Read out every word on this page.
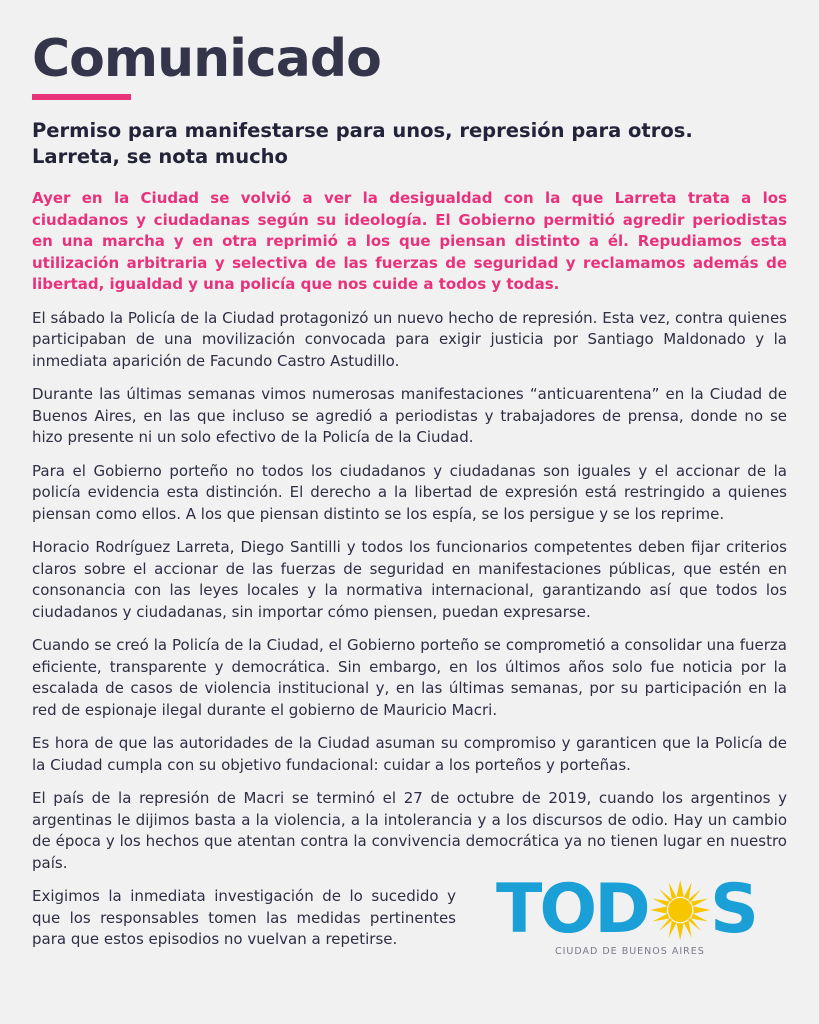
Comunicado
Permiso para manifestarse para unos, represión para otros.
Larreta, se nota mucho

Ayer en la Ciudad se volvió a ver la desigualdad con la que Larreta trata a los ciudadanos y ciudadanas según su ideología. El Gobierno permitió agredir periodistas en una marcha y en otra reprimió a los que piensan distinto a él. Repudiamos esta utilización arbitraria y selectiva de las fuerzas de seguridad y reclamamos además de libertad, igualdad y una policía que nos cuide a todos y todas.

El sábado la Policía de la Ciudad protagonizó un nuevo hecho de represión. Esta vez, contra quienes participaban de una movilización convocada para exigir justicia por Santiago Maldonado y la inmediata aparición de Facundo Castro Astudillo.

Durante las últimas semanas vimos numerosas manifestaciones “anticuarentena” en la Ciudad de Buenos Aires, en las que incluso se agredió a periodistas y trabajadores de prensa, donde no se hizo presente ni un solo efectivo de la Policía de la Ciudad.

Para el Gobierno porteño no todos los ciudadanos y ciudadanas son iguales y el accionar de la policía evidencia esta distinción. El derecho a la libertad de expresión está restringido a quienes piensan como ellos. A los que piensan distinto se los espía, se los persigue y se los reprime.

Horacio Rodríguez Larreta, Diego Santilli y todos los funcionarios competentes deben fijar criterios claros sobre el accionar de las fuerzas de seguridad en manifestaciones públicas, que estén en consonancia con las leyes locales y la normativa internacional, garantizando así que todos los ciudadanos y ciudadanas, sin importar cómo piensen, puedan expresarse.

Cuando se creó la Policía de la Ciudad, el Gobierno porteño se comprometió a consolidar una fuerza eficiente, transparente y democrática. Sin embargo, en los últimos años solo fue noticia por la escalada de casos de violencia institucional y, en las últimas semanas, por su participación en la red de espionaje ilegal durante el gobierno de Mauricio Macri.

Es hora de que las autoridades de la Ciudad asuman su compromiso y garanticen que la Policía de la Ciudad cumpla con su objetivo fundacional: cuidar a los porteños y porteñas.

El país de la represión de Macri se terminó el 27 de octubre de 2019, cuando los argentinos y argentinas le dijimos basta a la violencia, a la intolerancia y a los discursos de odio. Hay un cambio de época y los hechos que atentan contra la convivencia democrática ya no tienen lugar en nuestro país.

Exigimos la inmediata investigación de lo sucedido y que los responsables tomen las medidas pertinentes para que estos episodios no vuelvan a repetirse.	TOD S
CIUDAD DE BUENOS AIRES
